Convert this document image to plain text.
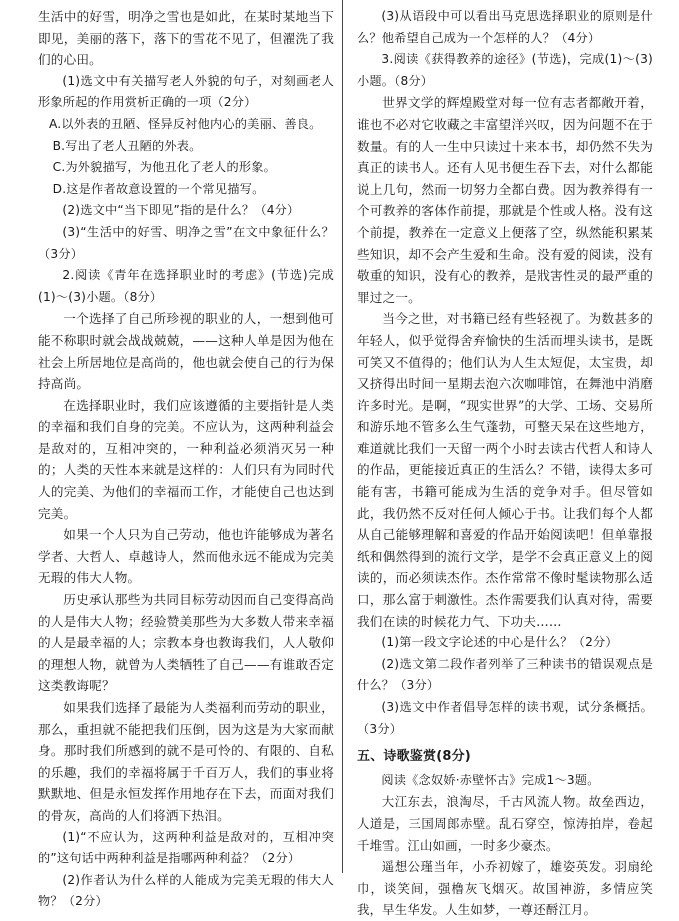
生活中的好雪，明净之雪也是如此，在某时某地当下即见，美丽的落下，落下的雪花不见了，但濯洗了我们的心田。

(1)选文中有关描写老人外貌的句子，对刻画老人形象所起的作用赏析正确的一项（2分）

A.以外表的丑陋、怪异反衬他内心的美丽、善良。

B.写出了老人丑陋的外表。

C.为外貌描写，为他丑化了老人的形象。

D.这是作者故意设置的一个常见描写。

(2)选文中“当下即见”指的是什么？（4分）

(3)“生活中的好雪、明净之雪”在文中象征什么？（3分）

2.阅读《青年在选择职业时的考虑》(节选)完成(1)～(3)小题。（8分）

一个选择了自己所珍视的职业的人，一想到他可能不称职时就会战战兢兢，——这种人单是因为他在社会上所居地位是高尚的，他也就会使自己的行为保持高尚。

在选择职业时，我们应该遵循的主要指针是人类的幸福和我们自身的完美。不应认为，这两种利益会是敌对的，互相冲突的，一种利益必须消灭另一种的；人类的天性本来就是这样的：人们只有为同时代人的完美、为他们的幸福而工作，才能使自己也达到完美。

如果一个人只为自己劳动，他也许能够成为著名学者、大哲人、卓越诗人，然而他永远不能成为完美无瑕的伟大人物。

历史承认那些为共同目标劳动因而自己变得高尚的人是伟大人物；经验赞美那些为大多数人带来幸福的人是最幸福的人；宗教本身也教诲我们，人人敬仰的理想人物，就曾为人类牺牲了自己——有谁敢否定这类教诲呢？

如果我们选择了最能为人类福利而劳动的职业，那么，重担就不能把我们压倒，因为这是为大家而献身。那时我们所感到的就不是可怜的、有限的、自私的乐趣，我们的幸福将属于千百万人，我们的事业将默默地、但是永恒发挥作用地存在下去，而面对我们的骨灰，高尚的人们将洒下热泪。

(1)“不应认为，这两种利益是敌对的，互相冲突的”这句话中两种利益是指哪两种利益？（2分）

(2)作者认为什么样的人能成为完美无瑕的伟大人物？（2分）

(3)从语段中可以看出马克思选择职业的原则是什么？他希望自己成为一个怎样的人？（4分）

3.阅读《获得教养的途径》(节选)，完成(1)～(3)小题。（8分）

世界文学的辉煌殿堂对每一位有志者都敞开着，谁也不必对它收藏之丰富望洋兴叹，因为问题不在于数量。有的人一生中只读过十来本书，却仍然不失为真正的读书人。还有人见书便生吞下去，对什么都能说上几句，然而一切努力全都白费。因为教养得有一个可教养的客体作前提，那就是个性或人格。没有这个前提，教养在一定意义上便落了空，纵然能积累某些知识，却不会产生爱和生命。没有爱的阅读，没有敬重的知识，没有心的教养，是戕害性灵的最严重的罪过之一。

当今之世，对书籍已经有些轻视了。为数甚多的年轻人，似乎觉得舍弃愉快的生活而埋头读书，是既可笑又不值得的；他们认为人生太短促，太宝贵，却又挤得出时间一星期去泡六次咖啡馆，在舞池中消磨许多时光。是啊，“现实世界”的大学、工场、交易所和游乐地不管多么生气蓬勃，可整天呆在这些地方，难道就比我们一天留一两个小时去读古代哲人和诗人的作品，更能接近真正的生活么？不错，读得太多可能有害，书籍可能成为生活的竞争对手。但尽管如此，我仍然不反对任何人倾心于书。让我们每个人都从自己能够理解和喜爱的作品开始阅读吧！但单靠报纸和偶然得到的流行文学，是学不会真正意义上的阅读的，而必须读杰作。杰作常常不像时髦读物那么适口，那么富于刺激性。杰作需要我们认真对待，需要我们在读的时候花力气、下功夫……

(1)第一段文字论述的中心是什么？（2分）

(2)选文第二段作者列举了三种读书的错误观点是什么？（3分）

(3)选文中作者倡导怎样的读书观，试分条概括。（3分）

五、诗歌鉴赏(8分)

阅读《念奴娇·赤壁怀古》完成1～3题。

大江东去，浪淘尽，千古风流人物。故垒西边，人道是，三国周郎赤壁。乱石穿空，惊涛拍岸，卷起千堆雪。江山如画，一时多少豪杰。

遥想公瑾当年，小乔初嫁了，雄姿英发。羽扇纶巾，谈笑间，强橹灰飞烟灭。故国神游，多情应笑我，早生华发。人生如梦，一尊还酹江月。
